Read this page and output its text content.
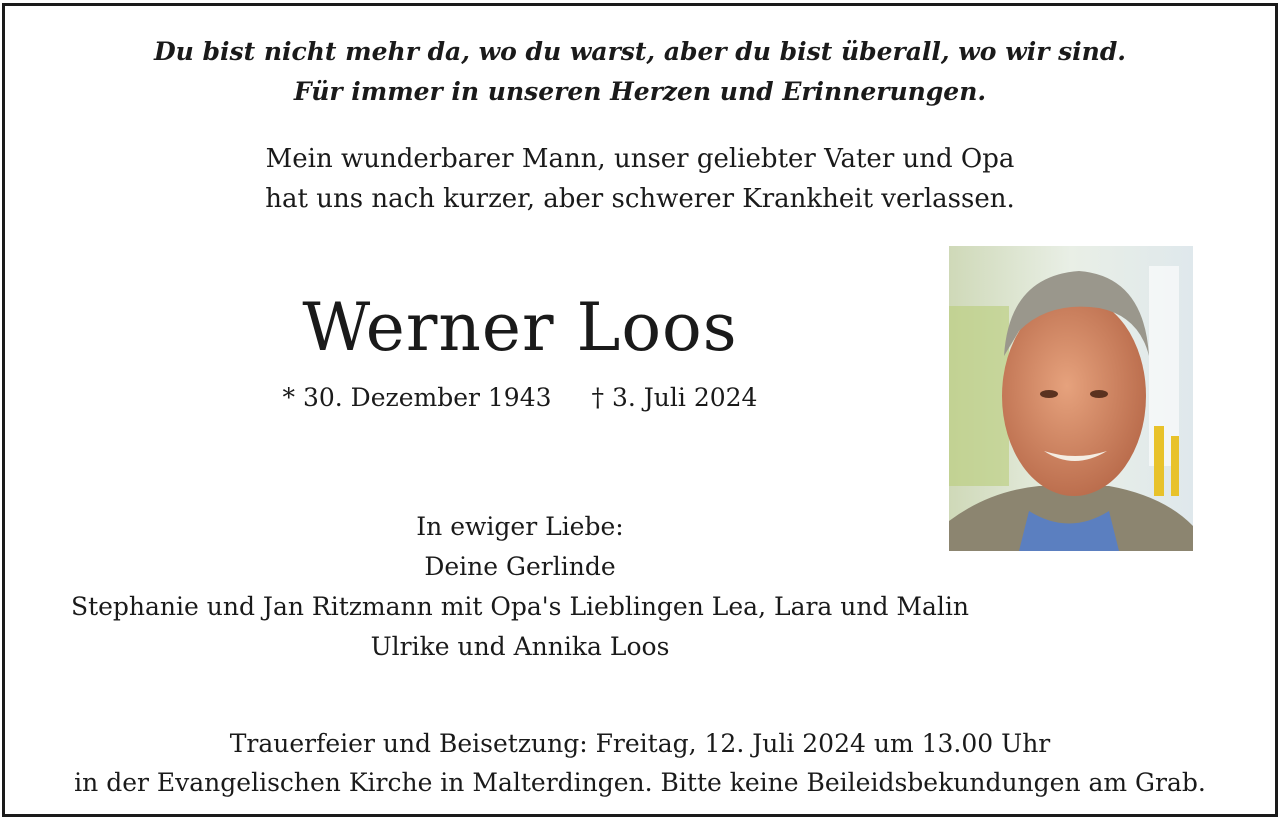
Du bist nicht mehr da, wo du warst, aber du bist überall, wo wir sind.
Für immer in unseren Herzen und Erinnerungen.
Mein wunderbarer Mann, unser geliebter Vater und Opa
hat uns nach kurzer, aber schwerer Krankheit verlassen.
Werner Loos
* 30. Dezember 1943 † 3. Juli 2024
In ewiger Liebe:
Deine Gerlinde
Stephanie und Jan Ritzmann mit Opa's Lieblingen Lea, Lara und Malin
Ulrike und Annika Loos
Trauerfeier und Beisetzung: Freitag, 12. Juli 2024 um 13.00 Uhr
in der Evangelischen Kirche in Malterdingen. Bitte keine Beileidsbekundungen am Grab.
